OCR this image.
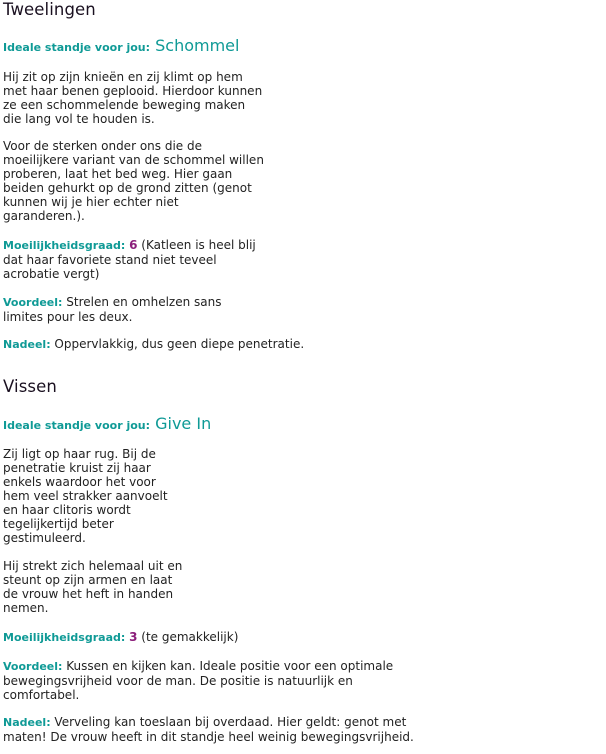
Tweelingen

Ideale standje voor jou: Schommel

Hij zit op zijn knieën en zij klimt op hem

met haar benen geplooid. Hierdoor kunnen

ze een schommelende beweging maken

die lang vol te houden is.

Voor de sterken onder ons die de

moeilijkere variant van de schommel willen

proberen, laat het bed weg. Hier gaan

beiden gehurkt op de grond zitten (genot

kunnen wij je hier echter niet

garanderen.).

Moeilijkheidsgraad: 6 (Katleen is heel blij

dat haar favoriete stand niet teveel

acrobatie vergt)

Voordeel: Strelen en omhelzen sans

limites pour les deux.

Nadeel: Oppervlakkig, dus geen diepe penetratie.

Vissen

Ideale standje voor jou: Give In

Zij ligt op haar rug. Bij de

penetratie kruist zij haar

enkels waardoor het voor

hem veel strakker aanvoelt

en haar clitoris wordt

tegelijkertijd beter

gestimuleerd.

Hij strekt zich helemaal uit en

steunt op zijn armen en laat

de vrouw het heft in handen

nemen.

Moeilijkheidsgraad: 3 (te gemakkelijk)

Voordeel: Kussen en kijken kan. Ideale positie voor een optimale

bewegingsvrijheid voor de man. De positie is natuurlijk en

comfortabel.

Nadeel: Verveling kan toeslaan bij overdaad. Hier geldt: genot met

maten! De vrouw heeft in dit standje heel weinig bewegingsvrijheid.
